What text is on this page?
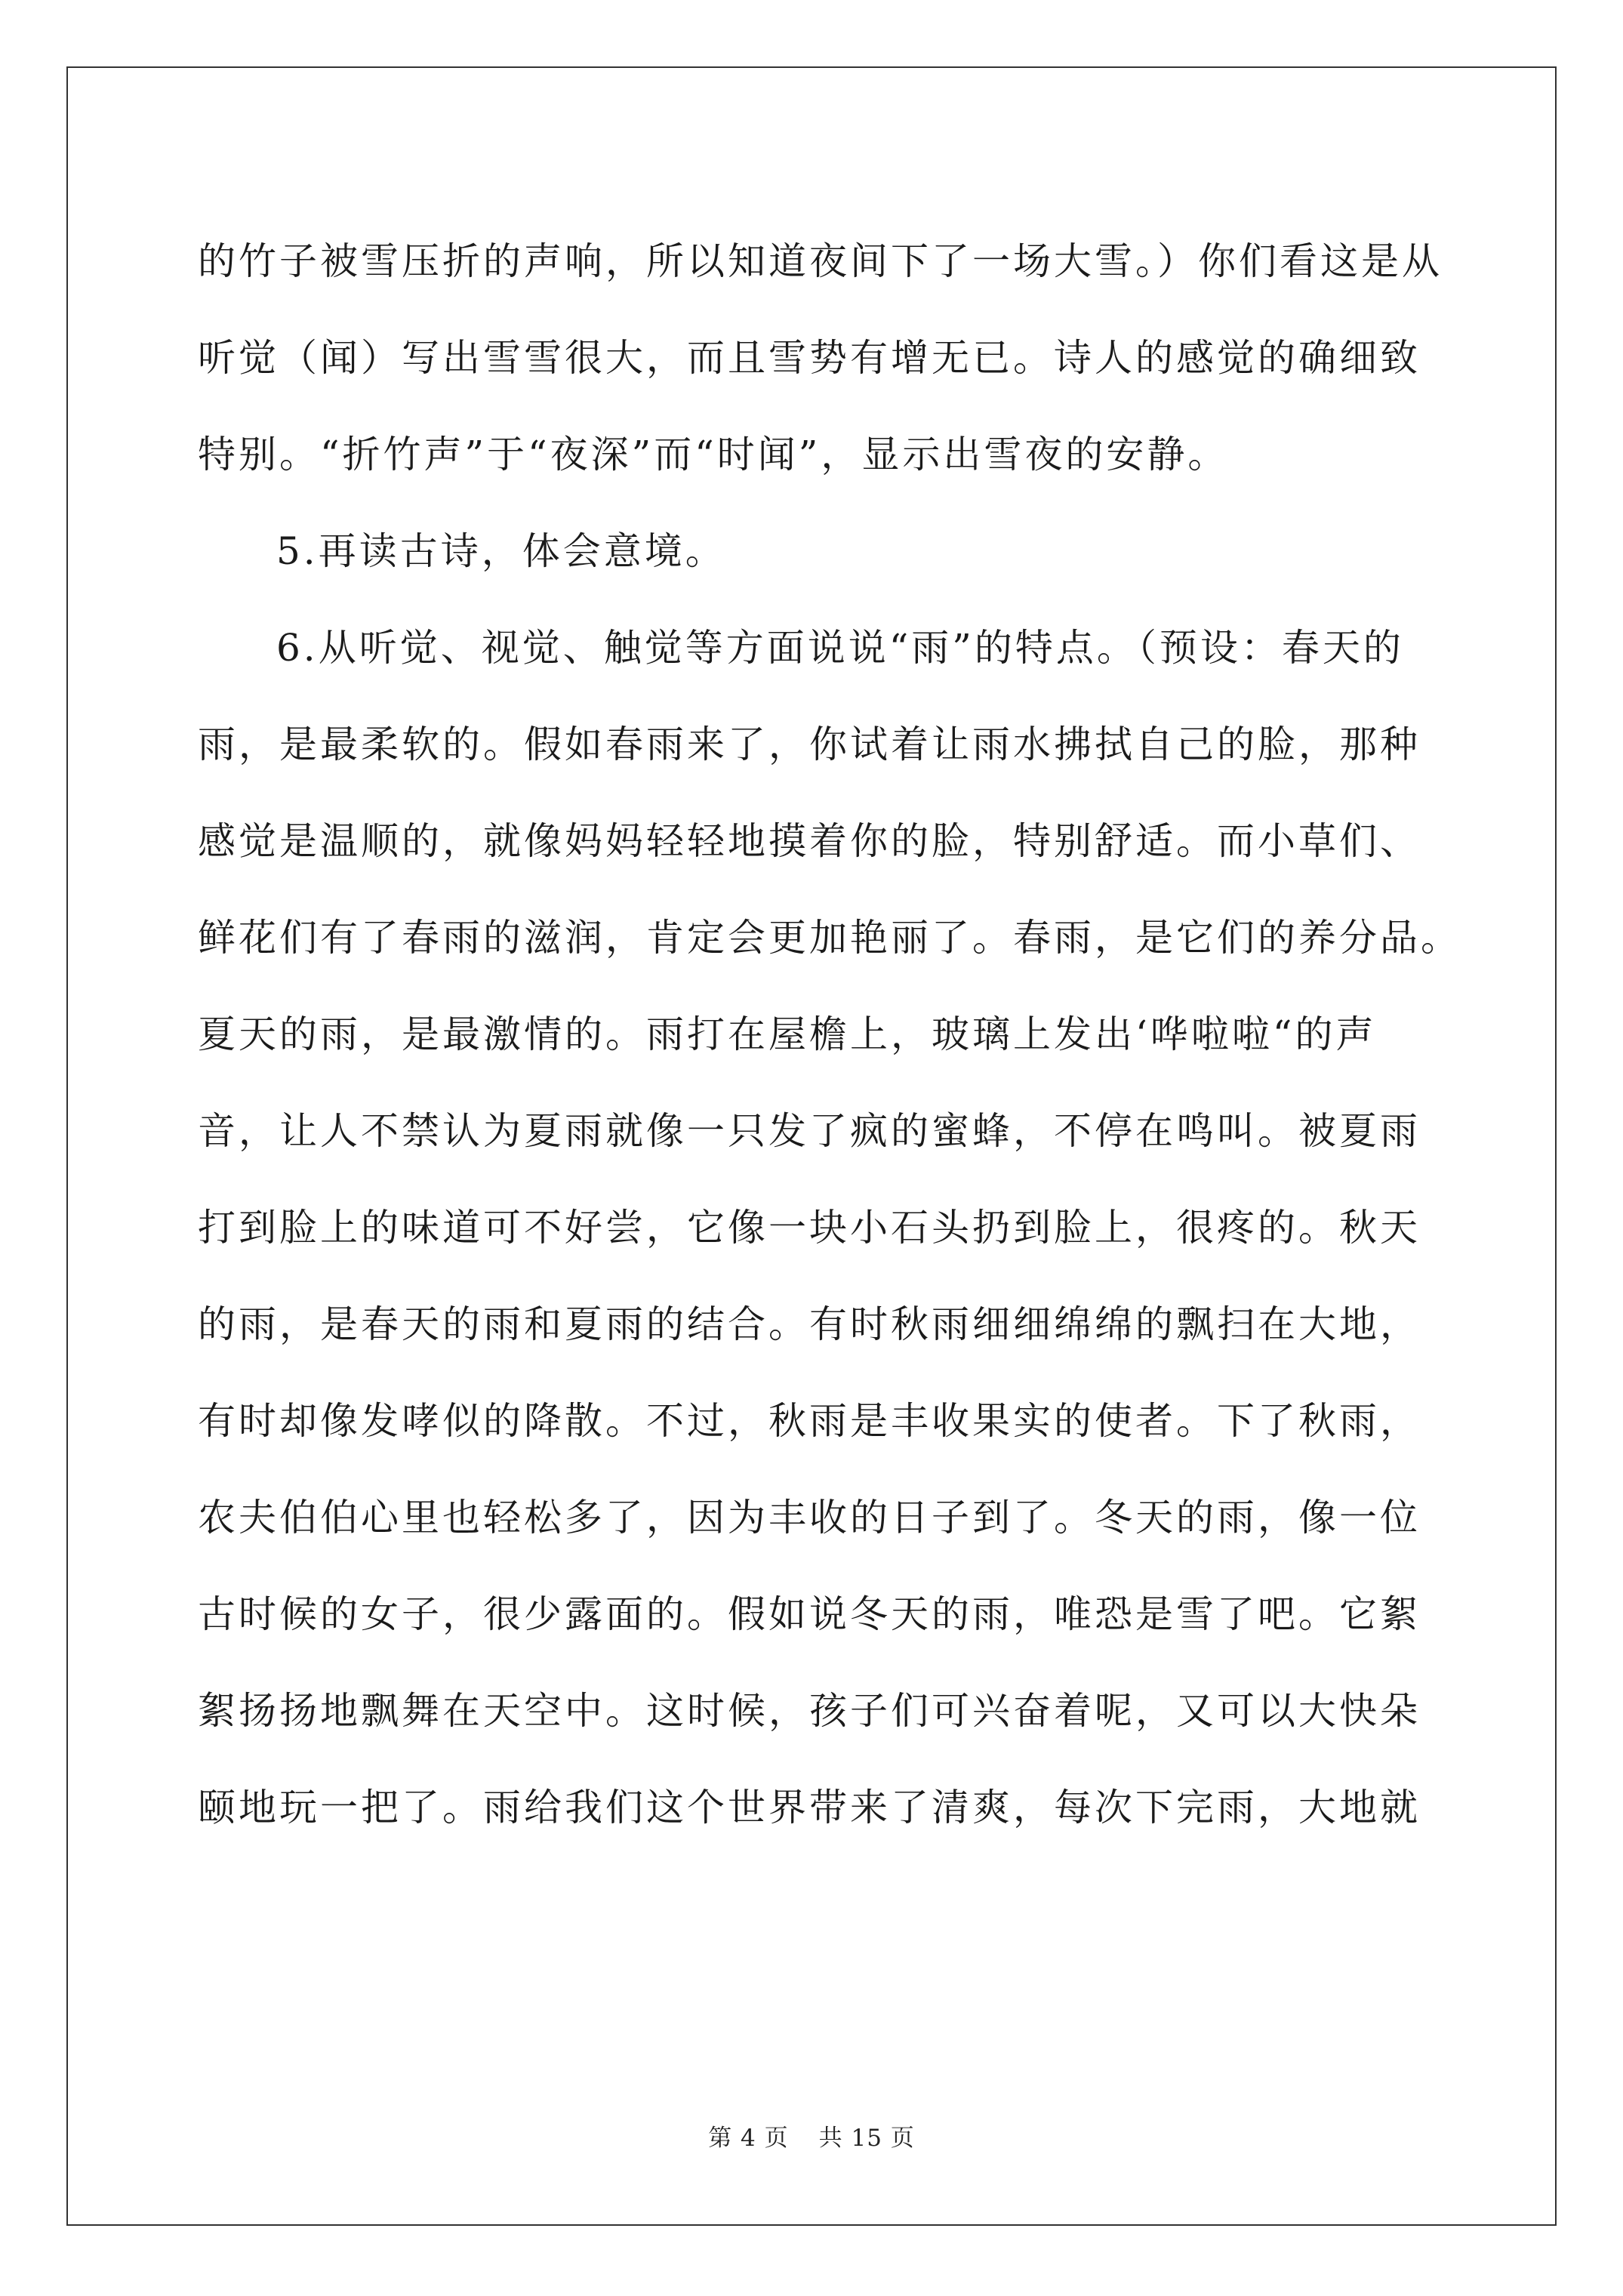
的竹子被雪压折的声响，所以知道夜间下了一场大雪。）你们看这是从
听觉（闻）写出雪雪很大，而且雪势有增无已。诗人的感觉的确细致
特别。“折竹声”于“夜深”而“时闻”，显示出雪夜的安静。
5.再读古诗，体会意境。
6.从听觉、视觉、触觉等方面说说“雨”的特点。（预设：春天的
雨，是最柔软的。假如春雨来了，你试着让雨水拂拭自己的脸，那种
感觉是温顺的，就像妈妈轻轻地摸着你的脸，特别舒适。而小草们、
鲜花们有了春雨的滋润，肯定会更加艳丽了。春雨，是它们的养分品。
夏天的雨，是最激情的。雨打在屋檐上，玻璃上发出‘哗啦啦“的声
音，让人不禁认为夏雨就像一只发了疯的蜜蜂，不停在鸣叫。被夏雨
打到脸上的味道可不好尝，它像一块小石头扔到脸上，很疼的。秋天
的雨，是春天的雨和夏雨的结合。有时秋雨细细绵绵的飘扫在大地，
有时却像发哮似的降散。不过，秋雨是丰收果实的使者。下了秋雨，
农夫伯伯心里也轻松多了，因为丰收的日子到了。冬天的雨，像一位
古时候的女子，很少露面的。假如说冬天的雨，唯恐是雪了吧。它絮
絮扬扬地飘舞在天空中。这时候，孩子们可兴奋着呢，又可以大快朵
颐地玩一把了。雨给我们这个世界带来了清爽，每次下完雨，大地就
第 4 页 共 15 页
